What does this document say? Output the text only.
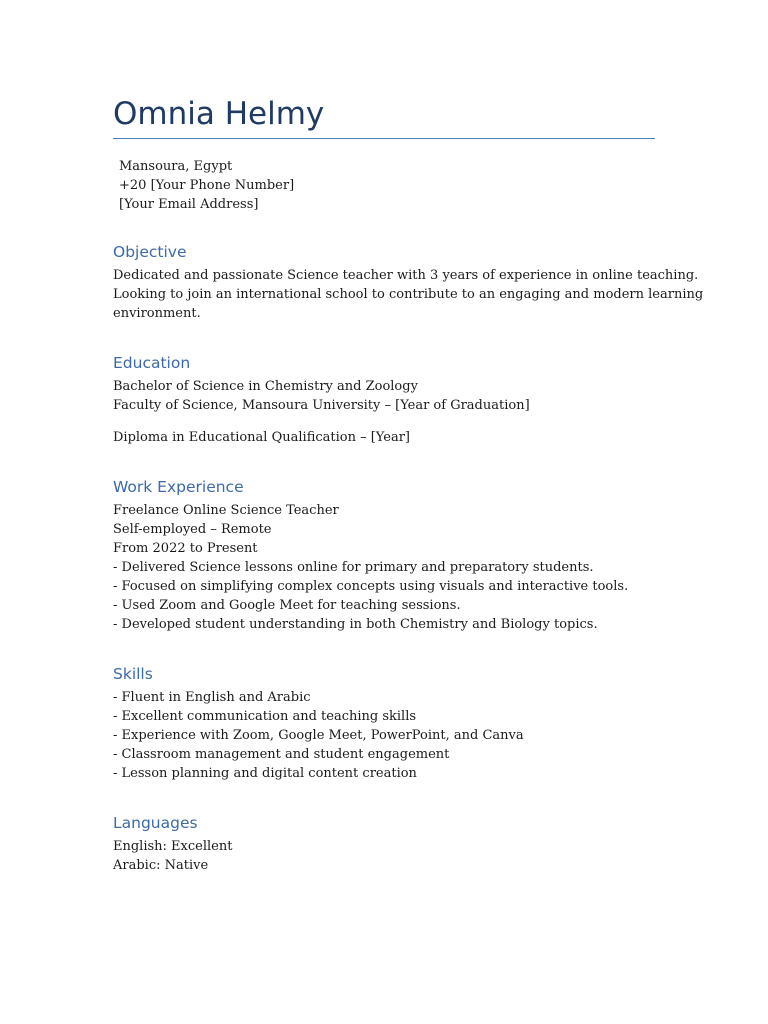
Omnia Helmy
Mansoura, Egypt
+20 [Your Phone Number]
[Your Email Address]
Objective
Dedicated and passionate Science teacher with 3 years of experience in online teaching.
Looking to join an international school to contribute to an engaging and modern learning
environment.
Education
Bachelor of Science in Chemistry and Zoology
Faculty of Science, Mansoura University – [Year of Graduation]
Diploma in Educational Qualification – [Year]
Work Experience
Freelance Online Science Teacher
Self-employed – Remote
From 2022 to Present
- Delivered Science lessons online for primary and preparatory students.
- Focused on simplifying complex concepts using visuals and interactive tools.
- Used Zoom and Google Meet for teaching sessions.
- Developed student understanding in both Chemistry and Biology topics.
Skills
- Fluent in English and Arabic
- Excellent communication and teaching skills
- Experience with Zoom, Google Meet, PowerPoint, and Canva
- Classroom management and student engagement
- Lesson planning and digital content creation
Languages
English: Excellent
Arabic: Native
